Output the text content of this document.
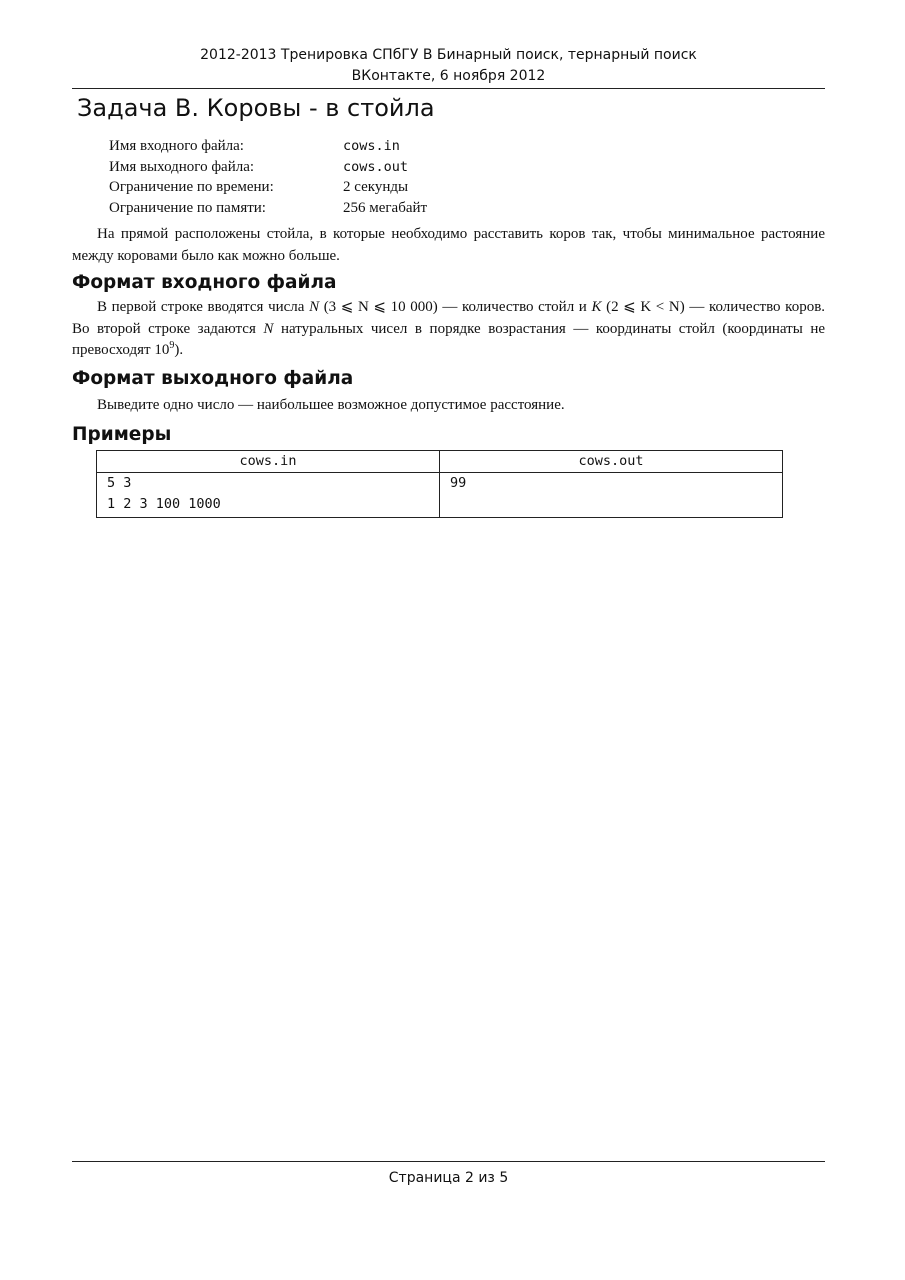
2012-2013 Тренировка СПбГУ B Бинарный поиск, тернарный поиск
ВКонтакте, 6 ноября 2012
Задача B. Коровы - в стойла
Имя входного файла:	cows.in
Имя выходного файла:	cows.out
Ограничение по времени:	2 секунды
Ограничение по памяти:	256 мегабайт
На прямой расположены стойла, в которые необходимо расставить коров так, чтобы минимальное растояние между коровами было как можно больше.
Формат входного файла
В первой строке вводятся числа N (3 ⩽ N ⩽ 10 000) — количество стойл и K (2 ⩽ K < N) — количество коров. Во второй строке задаются N натуральных чисел в порядке возрастания — координаты стойл (координаты не превосходят $10^9$).
Формат выходного файла
Выведите одно число — наибольшее возможное допустимое расстояние.
Примеры
cows.in	cows.out

5 3
1 2 3 100 1000	99
Страница 2 из 5
